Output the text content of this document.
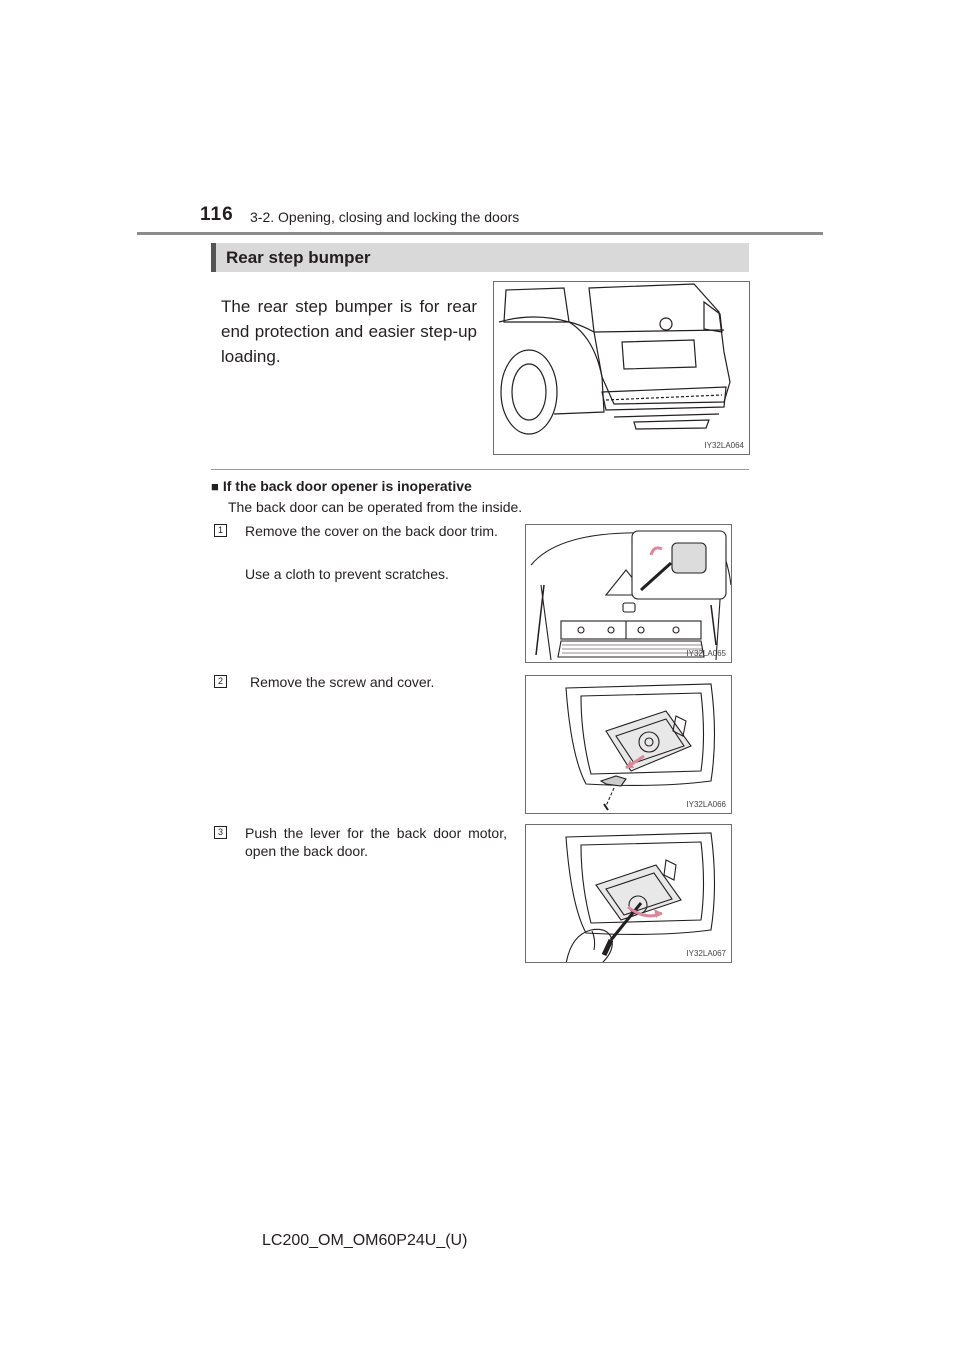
116 3-2. Opening, closing and locking the doors
Rear step bumper
The rear step bumper is for rear end protection and easier step-up loading.
IY32LA064
■ If the back door opener is inoperative
The back door can be operated from the inside.
1 Remove the cover on the back door trim.
Use a cloth to prevent scratches.
IY32LA065
2 Remove the screw and cover.
IY32LA066
3 Push the lever for the back door motor, open the back door.
IY32LA067
LC200_OM_OM60P24U_(U)
